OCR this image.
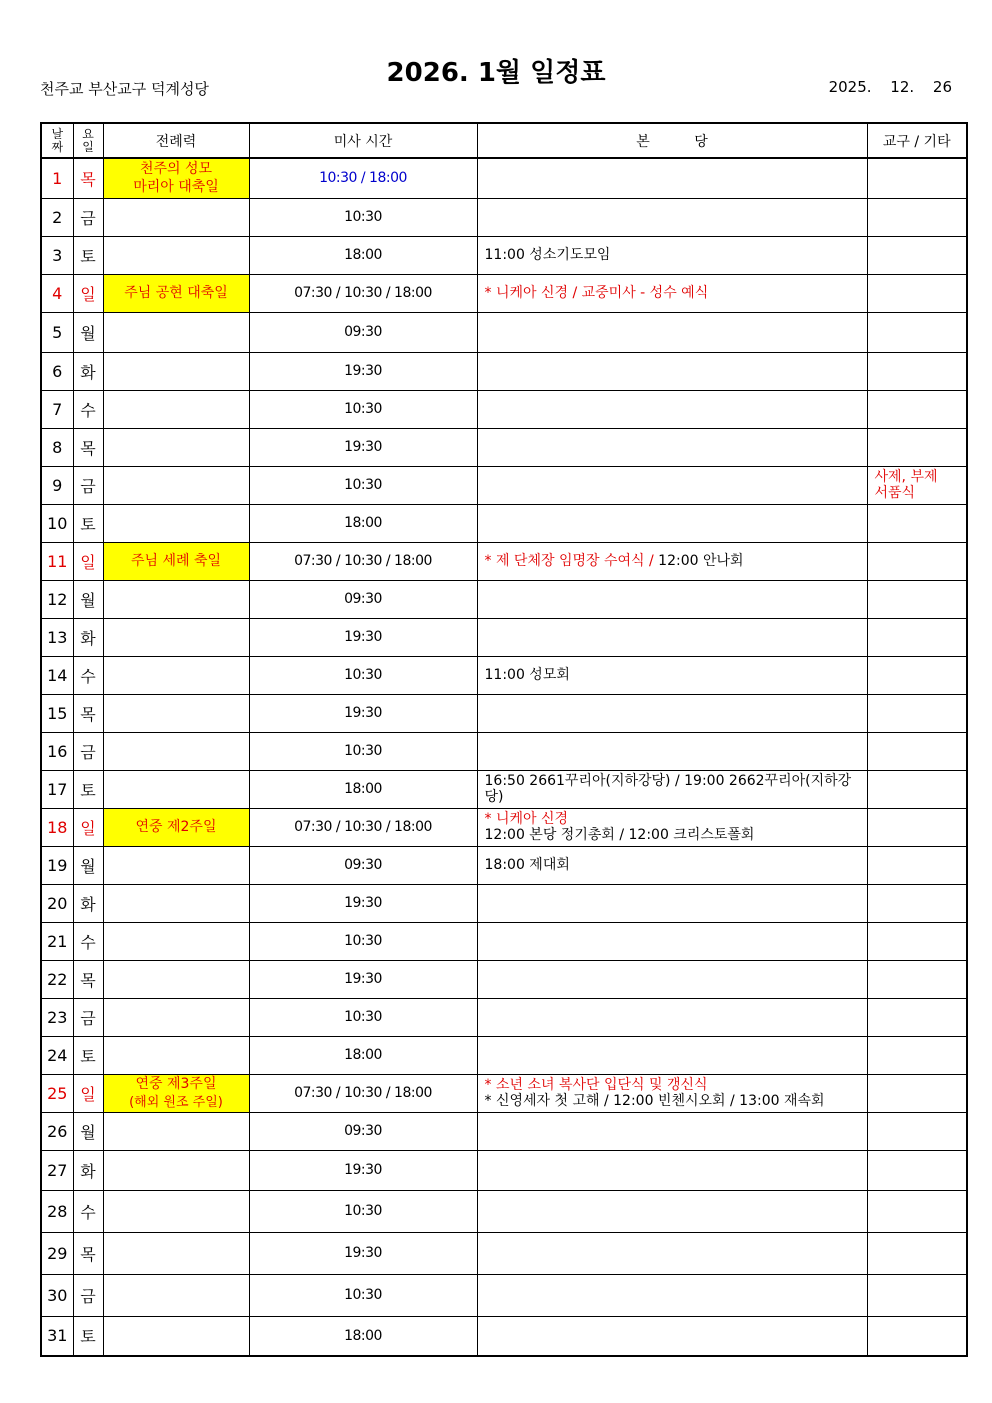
2026. 1월 일정표
천주교 부산교구 덕계성당	2025. 12. 26
날
짜	요
일	전례력	미사 시간	본          당	교구 / 기타
1	목	천주의 성모
마리아 대축일	10:30 / 18:00		
2	금		10:30		
3	토		18:00	11:00 성소기도모임	
4	일	주님 공현 대축일	07:30 / 10:30 / 18:00	* 니케아 신경 / 교중미사 - 성수 예식	
5	월		09:30		
6	화		19:30		
7	수		10:30		
8	목		19:30		
9	금		10:30		사제, 부제
서품식
10	토		18:00		
11	일	주님 세례 축일	07:30 / 10:30 / 18:00	* 제 단체장 임명장 수여식 / 12:00 안나회	
12	월		09:30		
13	화		19:30		
14	수		10:30	11:00 성모회	
15	목		19:30		
16	금		10:30		
17	토		18:00	16:50 2661꾸리아(지하강당) / 19:00 2662꾸리아(지하강당)	
18	일	연중 제2주일	07:30 / 10:30 / 18:00	* 니케아 신경
12:00 본당 정기총회 / 12:00 크리스토폴회	
19	월		09:30	18:00 제대회	
20	화		19:30		
21	수		10:30		
22	목		19:30		
23	금		10:30		
24	토		18:00		
25	일	연중 제3주일
(해외 원조 주일)	07:30 / 10:30 / 18:00	* 소년 소녀 복사단 입단식 및 갱신식
* 신영세자 첫 고해 / 12:00 빈첸시오회 / 13:00 재속회	
26	월		09:30		
27	화		19:30		
28	수		10:30		
29	목		19:30		
30	금		10:30		
31	토		18:00		
